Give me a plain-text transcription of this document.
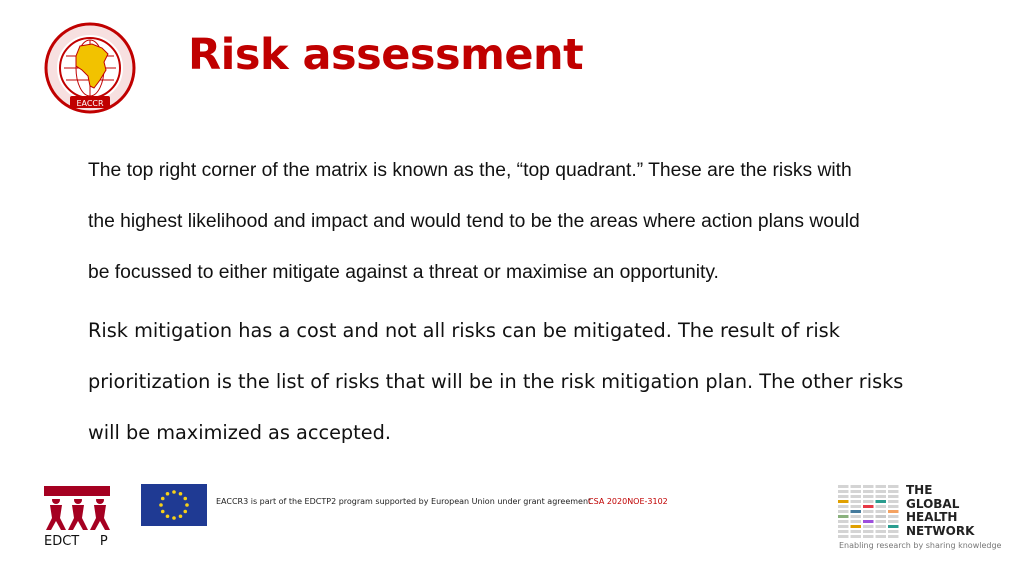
EACCR
Risk assessment
The top right corner of the matrix is known as the, “top quadrant.” These are the risks with
the highest likelihood and impact and would tend to be the areas where action plans would
be focussed to either mitigate against a threat or maximise an opportunity.
Risk mitigation has a cost and not all risks can be mitigated. The result of risk
prioritization is the list of risks that will be in the risk mitigation plan. The other risks
will be maximized as accepted.
EDCT     P
EACCR3 is part of the EDCTP2 program supported by European Union under grant agreement
CSA 2020NOE-3102
THE
GLOBAL
HEALTH
NETWORK
Enabling research by sharing knowledge
